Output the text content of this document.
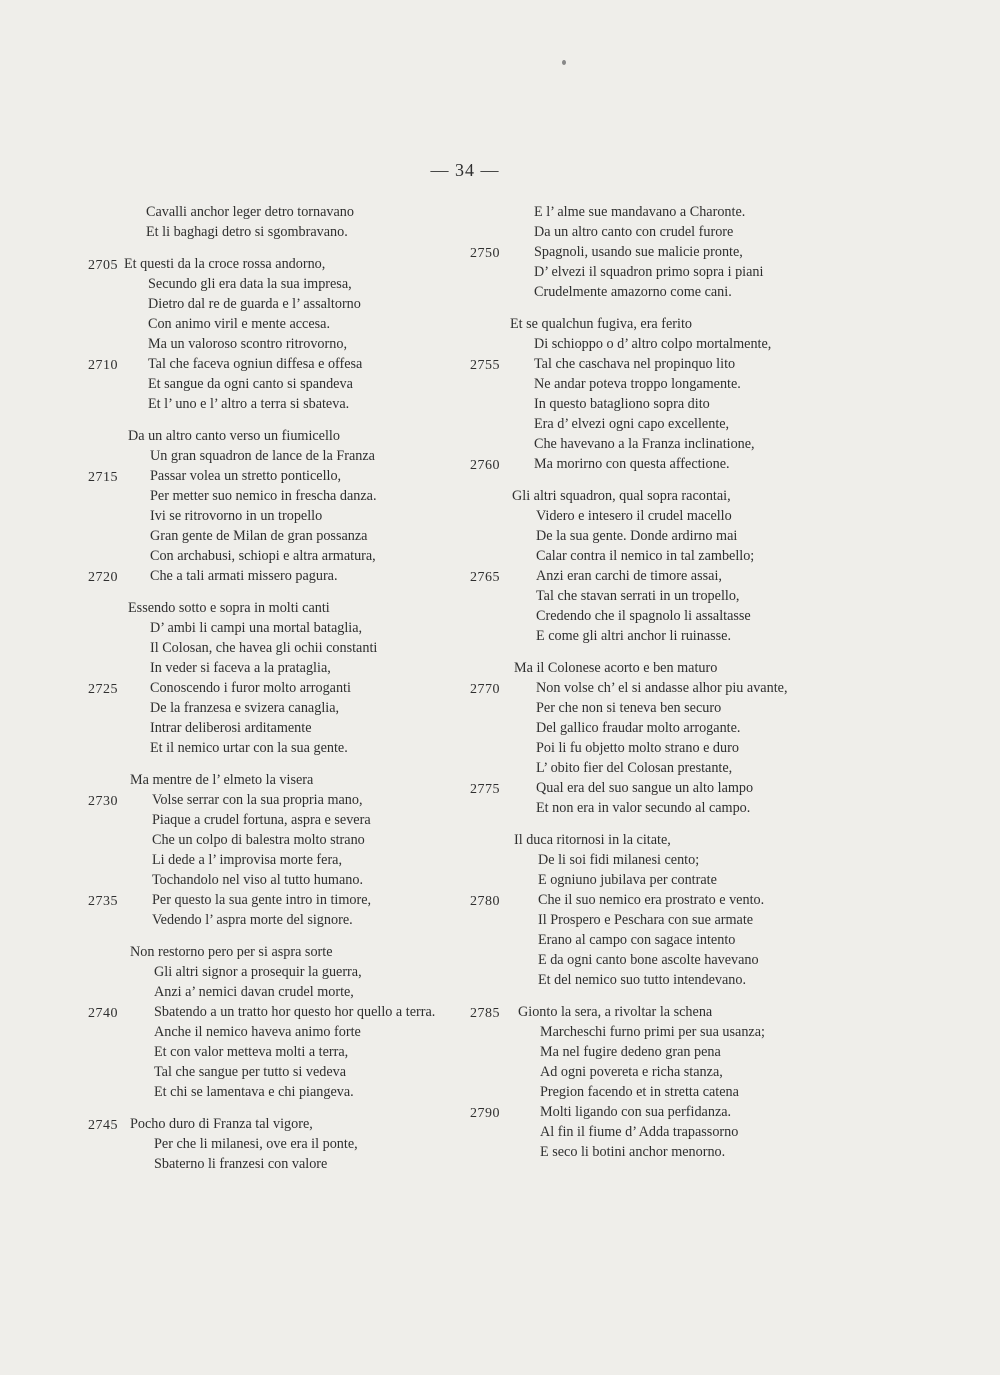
— 34 —
Cavalli anchor leger detro tornavano
Et li baghagi detro si sgombravano.
2705 Et questi da la croce rossa andorno,
Secundo gli era data la sua impresa,
Dietro dal re de guarda e l’ assaltorno
Con animo viril e mente accesa.
Ma un valoroso scontro ritrovorno,
2710 Tal che faceva ogniun diffesa e offesa
Et sangue da ogni canto si spandeva
Et l’ uno e l’ altro a terra si sbateva.
Da un altro canto verso un fiumicello
Un gran squadron de lance de la Franza
2715 Passar volea un stretto ponticello,
Per metter suo nemico in frescha danza.
Ivi se ritrovorno in un tropello
Gran gente de Milan de gran possanza
Con archabusi, schiopi e altra armatura,
2720 Che a tali armati missero pagura.
Essendo sotto e sopra in molti canti
D’ ambi li campi una mortal bataglia,
Il Colosan, che havea gli ochii constanti
In veder si faceva a la prataglia,
2725 Conoscendo i furor molto arroganti
De la franzesa e svizera canaglia,
Intrar deliberosi arditamente
Et il nemico urtar con la sua gente.
Ma mentre de l’ elmeto la visera
2730 Volse serrar con la sua propria mano,
Piaque a crudel fortuna, aspra e severa
Che un colpo di balestra molto strano
Li dede a l’ improvisa morte fera,
Tochandolo nel viso al tutto humano.
2735 Per questo la sua gente intro in timore,
Vedendo l’ aspra morte del signore.
Non restorno pero per si aspra sorte
Gli altri signor a prosequir la guerra,
Anzi a’ nemici davan crudel morte,
2740	Sbatendo a un tratto hor questo hor quello a terra.
Anche il nemico haveva animo forte
Et con valor metteva molti a terra,
Tal che sangue per tutto si vedeva
Et chi se lamentava e chi piangeva.
2745 Pocho duro di Franza tal vigore,
Per che li milanesi, ove era il ponte,
Sbaterno li franzesi con valore
E l’ alme sue mandavano a Charonte.
Da un altro canto con crudel furore
2750 Spagnoli, usando sue malicie pronte,
D’ elvezi il squadron primo sopra i piani
Crudelmente amazorno come cani.
Et se qualchun fugiva, era ferito
Di schioppo o d’ altro colpo mortalmente,
2755 Tal che caschava nel propinquo lito
Ne andar poteva troppo longamente.
In questo batagliono sopra dito
Era d’ elvezi ogni capo excellente,
Che havevano a la Franza inclinatione,
2760 Ma morirno con questa affectione.
Gli altri squadron, qual sopra racontai,
Videro e intesero il crudel macello
De la sua gente. Donde ardirno mai
Calar contra il nemico in tal zambello;
2765	Anzi eran carchi de timore assai,
Tal che stavan serrati in un tropello,
Credendo che il spagnolo li assaltasse
E come gli altri anchor li ruinasse.
Ma il Colonese acorto e ben maturo
2770	Non volse ch’ el si andasse alhor piu avante,
Per che non si teneva ben securo
Del gallico fraudar molto arrogante.
Poi li fu objetto molto strano e duro
L’ obito fier del Colosan prestante,
2775	Qual era del suo sangue un alto lampo
Et non era in valor secundo al campo.
Il duca ritornosi in la citate,
De li soi fidi milanesi cento;
E ogniuno jubilava per contrate
2780	Che il suo nemico era prostrato e vento.
Il Prospero e Peschara con sue armate
Erano al campo con sagace intento
E da ogni canto bone ascolte havevano
Et del nemico suo tutto intendevano.
2785 Gionto la sera, a rivoltar la schena
Marcheschi furno primi per sua usanza;
Ma nel fugire dedeno gran pena
Ad ogni povereta e richa stanza,
Pregion facendo et in stretta catena
2790	Molti ligando con sua perfidanza.
Al fin il fiume d’ Adda trapassorno
E seco li botini anchor menorno.
